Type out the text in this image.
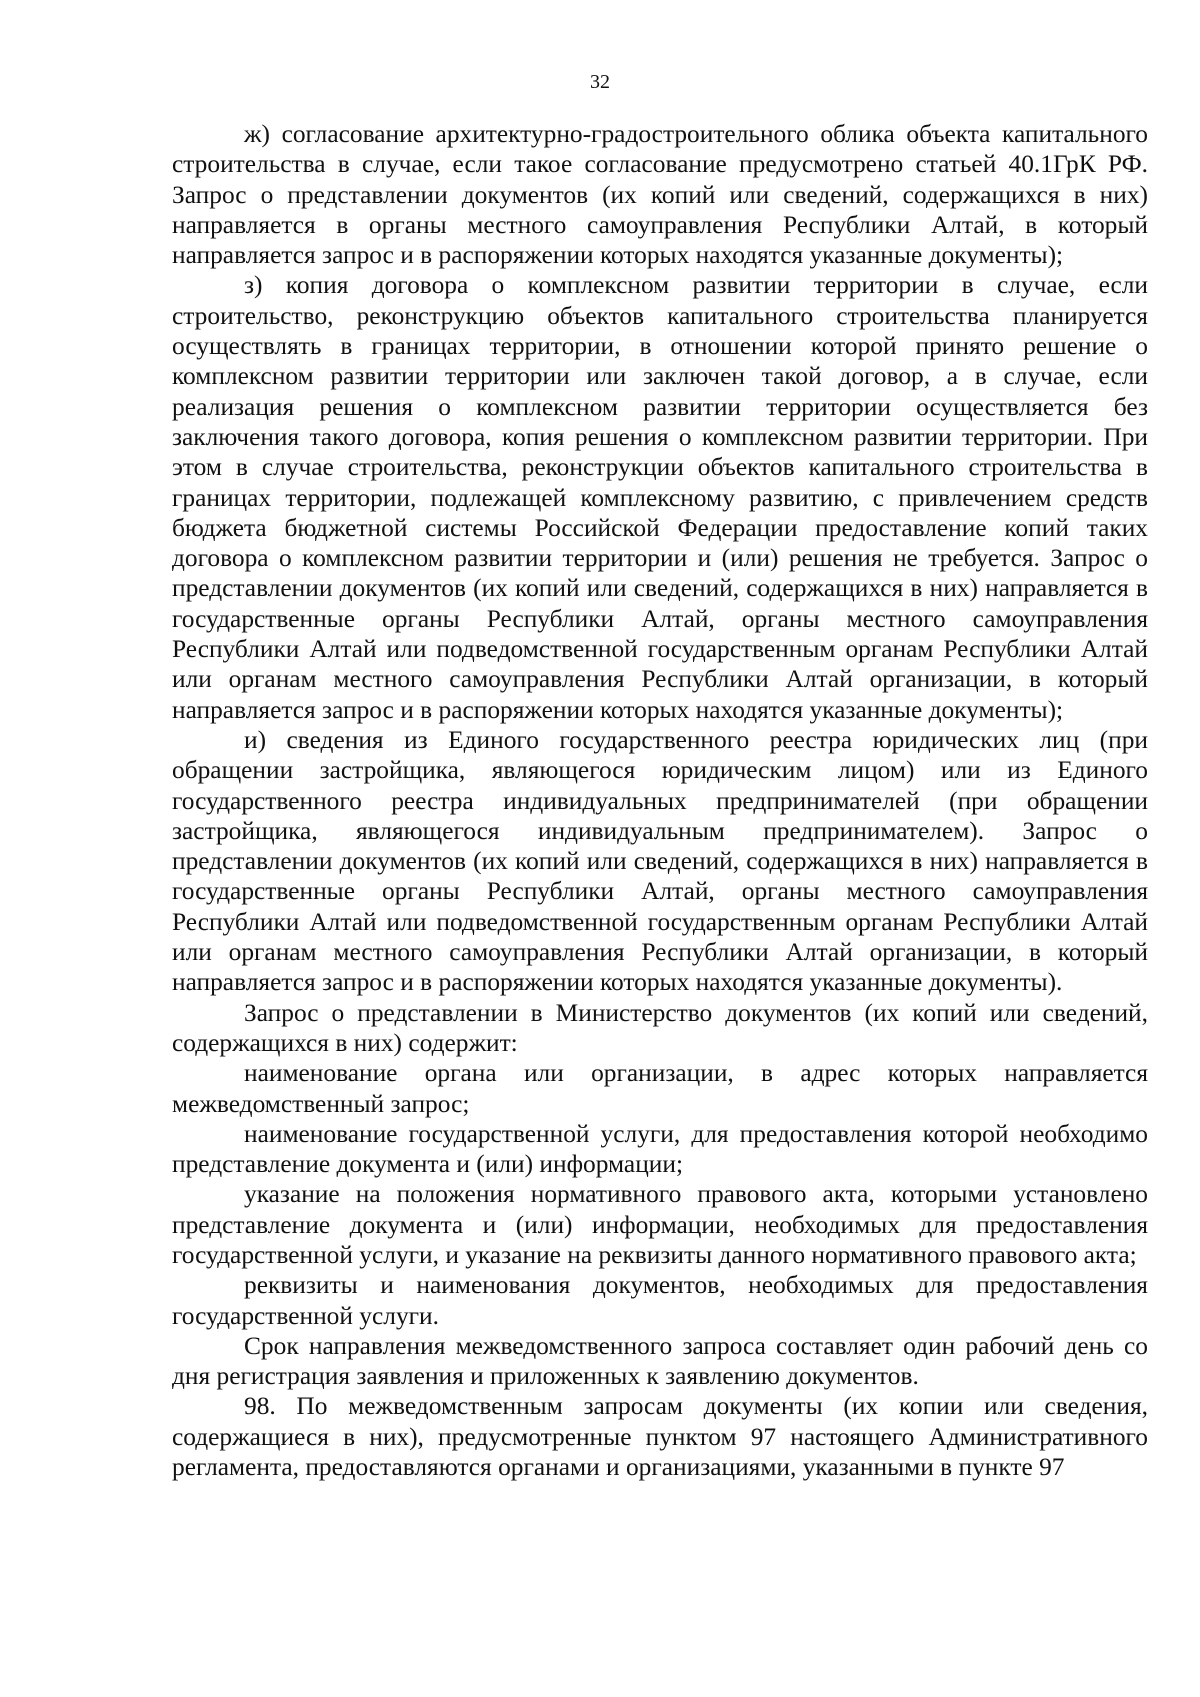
32

ж) согласование архитектурно-градостроительного облика объекта капитального строительства в случае, если такое согласование предусмотрено статьей 40.1ГрК РФ. Запрос о представлении документов (их копий или сведений, содержащихся в них) направляется в органы местного самоуправления Республики Алтай, в который направляется запрос и в распоряжении которых находятся указанные документы);

з) копия договора о комплексном развитии территории в случае, если строительство, реконструкцию объектов капитального строительства планируется осуществлять в границах территории, в отношении которой принято решение о комплексном развитии территории или заключен такой договор, а в случае, если реализация решения о комплексном развитии территории осуществляется без заключения такого договора, копия решения о комплексном развитии территории. При этом в случае строительства, реконструкции объектов капитального строительства в границах территории, подлежащей комплексному развитию, с привлечением средств бюджета бюджетной системы Российской Федерации предоставление копий таких договора о комплексном развитии территории и (или) решения не требуется. Запрос о представлении документов (их копий или сведений, содержащихся в них) направляется в государственные органы Республики Алтай, органы местного самоуправления Республики Алтай или подведомственной государственным органам Республики Алтай или органам местного самоуправления Республики Алтай организации, в который направляется запрос и в распоряжении которых находятся указанные документы);

и) сведения из Единого государственного реестра юридических лиц (при обращении застройщика, являющегося юридическим лицом) или из Единого государственного реестра индивидуальных предпринимателей (при обращении застройщика, являющегося индивидуальным предпринимателем). Запрос о представлении документов (их копий или сведений, содержащихся в них) направляется в государственные органы Республики Алтай, органы местного самоуправления Республики Алтай или подведомственной государственным органам Республики Алтай или органам местного самоуправления Республики Алтай организации, в который направляется запрос и в распоряжении которых находятся указанные документы).

Запрос о представлении в Министерство документов (их копий или сведений, содержащихся в них) содержит:

наименование органа или организации, в адрес которых направляется межведомственный запрос;

наименование государственной услуги, для предоставления которой необходимо представление документа и (или) информации;

указание на положения нормативного правового акта, которыми установлено представление документа и (или) информации, необходимых для предоставления государственной услуги, и указание на реквизиты данного нормативного правового акта;

реквизиты и наименования документов, необходимых для предоставления государственной услуги.

Срок направления межведомственного запроса составляет один рабочий день со дня регистрация заявления и приложенных к заявлению документов.

98. По межведомственным запросам документы (их копии или сведения, содержащиеся в них), предусмотренные пунктом 97 настоящего Административного регламента, предоставляются органами и организациями, указанными в пункте 97
